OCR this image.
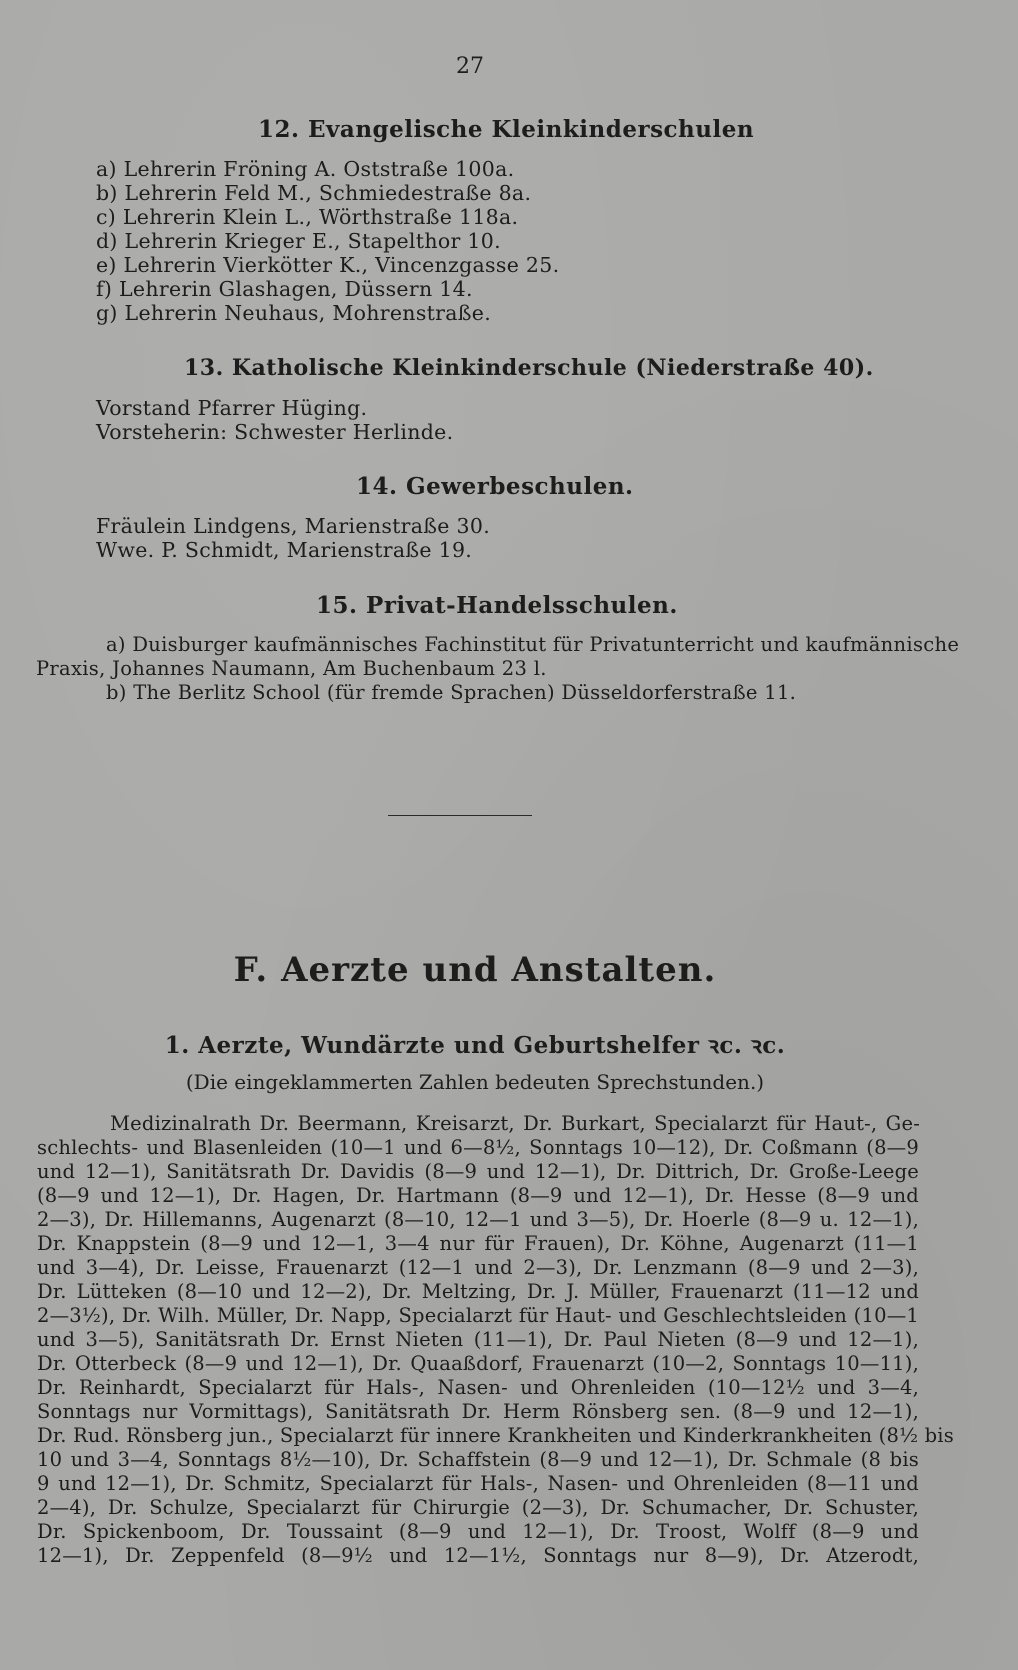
27
12. Evangelische Kleinkinderschulen
a) Lehrerin Fröning A. Oststraße 100a.
b) Lehrerin Feld M., Schmiedestraße 8a.
c) Lehrerin Klein L., Wörthstraße 118a.
d) Lehrerin Krieger E., Stapelthor 10.
e) Lehrerin Vierkötter K., Vincenzgasse 25.
f) Lehrerin Glashagen, Düssern 14.
g) Lehrerin Neuhaus, Mohrenstraße.
13. Katholische Kleinkinderschule (Niederstraße 40).
Vorstand Pfarrer Hüging.
Vorsteherin: Schwester Herlinde.
14. Gewerbeschulen.
Fräulein Lindgens, Marienstraße 30.
Wwe. P. Schmidt, Marienstraße 19.
15. Privat-Handelsschulen.
a) Duisburger kaufmännisches Fachinstitut für Privatunterricht und kaufmännische
Praxis, Johannes Naumann, Am Buchenbaum 23 l.
b) The Berlitz School (für fremde Sprachen) Düsseldorferstraße 11.
F. Aerzte und Anstalten.
1. Aerzte, Wundärzte und Geburtshelfer ꝛc. ꝛc.
(Die eingeklammerten Zahlen bedeuten Sprechstunden.)
Medizinalrath Dr. Beermann, Kreisarzt, Dr. Burkart, Specialarzt für Haut-, Ge-
schlechts- und Blasenleiden (10—1 und 6—8½, Sonntags 10—12), Dr. Coßmann (8—9
und 12—1), Sanitätsrath Dr. Davidis (8—9 und 12—1), Dr. Dittrich, Dr. Große-Leege
(8—9 und 12—1), Dr. Hagen, Dr. Hartmann (8—9 und 12—1), Dr. Hesse (8—9 und
2—3), Dr. Hillemanns, Augenarzt (8—10, 12—1 und 3—5), Dr. Hoerle (8—9 u. 12—1),
Dr. Knappstein (8—9 und 12—1, 3—4 nur für Frauen), Dr. Köhne, Augenarzt (11—1
und 3—4), Dr. Leisse, Frauenarzt (12—1 und 2—3), Dr. Lenzmann (8—9 und 2—3),
Dr. Lütteken (8—10 und 12—2), Dr. Meltzing, Dr. J. Müller, Frauenarzt (11—12 und
2—3½), Dr. Wilh. Müller, Dr. Napp, Specialarzt für Haut- und Geschlechtsleiden (10—1
und 3—5), Sanitätsrath Dr. Ernst Nieten (11—1), Dr. Paul Nieten (8—9 und 12—1),
Dr. Otterbeck (8—9 und 12—1), Dr. Quaaßdorf, Frauenarzt (10—2, Sonntags 10—11),
Dr. Reinhardt, Specialarzt für Hals-, Nasen- und Ohrenleiden (10—12½ und 3—4,
Sonntags nur Vormittags), Sanitätsrath Dr. Herm Rönsberg sen. (8—9 und 12—1),
Dr. Rud. Rönsberg jun., Specialarzt für innere Krankheiten und Kinderkrankheiten (8½ bis
10 und 3—4, Sonntags 8½—10), Dr. Schaffstein (8—9 und 12—1), Dr. Schmale (8 bis
9 und 12—1), Dr. Schmitz, Specialarzt für Hals-, Nasen- und Ohrenleiden (8—11 und
2—4), Dr. Schulze, Specialarzt für Chirurgie (2—3), Dr. Schumacher, Dr. Schuster,
Dr. Spickenboom, Dr. Toussaint (8—9 und 12—1), Dr. Troost, Wolff (8—9 und
12—1), Dr. Zeppenfeld (8—9½ und 12—1½, Sonntags nur 8—9), Dr. Atzerodt,
